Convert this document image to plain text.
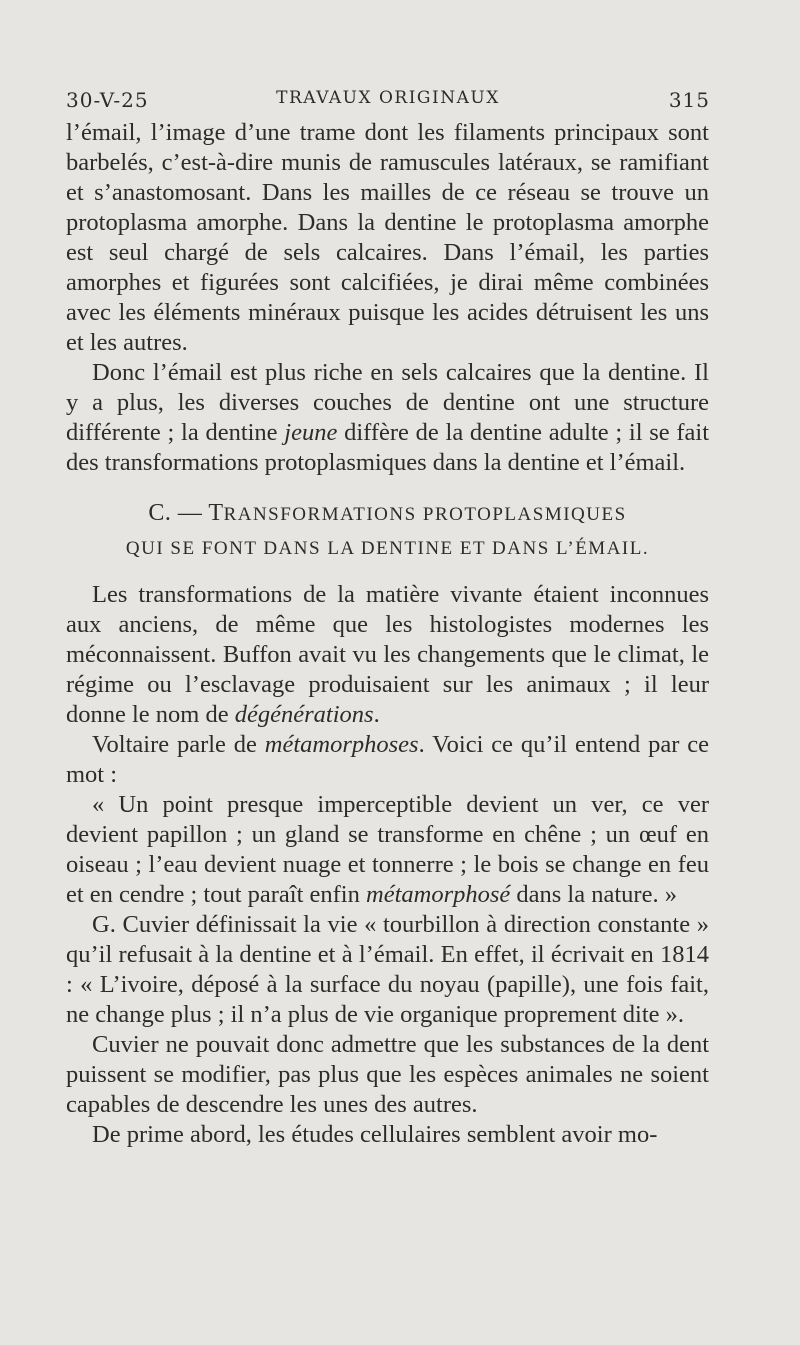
30-V-25	TRAVAUX ORIGINAUX	315

l’émail, l’image d’une trame dont les filaments principaux sont barbelés, c’est-à-dire munis de ramuscules latéraux, se ramifiant et s’anastomosant. Dans les mailles de ce réseau se trouve un protoplasma amorphe. Dans la dentine le protoplasma amorphe est seul chargé de sels calcaires. Dans l’émail, les parties amorphes et figurées sont calcifiées, je dirai même combinées avec les éléments minéraux puisque les acides détruisent les uns et les autres.

Donc l’émail est plus riche en sels calcaires que la dentine. Il y a plus, les diverses couches de dentine ont une structure différente ; la dentine jeune diffère de la dentine adulte ; il se fait des transformations protoplasmiques dans la dentine et l’émail.

C. — TRANSFORMATIONS PROTOPLASMIQUES
QUI SE FONT DANS LA DENTINE ET DANS L’ÉMAIL.

Les transformations de la matière vivante étaient inconnues aux anciens, de même que les histologistes modernes les méconnaissent. Buffon avait vu les changements que le climat, le régime ou l’esclavage produisaient sur les animaux ; il leur donne le nom de dégénérations.

Voltaire parle de métamorphoses. Voici ce qu’il entend par ce mot :

« Un point presque imperceptible devient un ver, ce ver devient papillon ; un gland se transforme en chêne ; un œuf en oiseau ; l’eau devient nuage et tonnerre ; le bois se change en feu et en cendre ; tout paraît enfin métamorphosé dans la nature. »

G. Cuvier définissait la vie « tourbillon à direction constante » qu’il refusait à la dentine et à l’émail. En effet, il écrivait en 1814 : « L’ivoire, déposé à la surface du noyau (papille), une fois fait, ne change plus ; il n’a plus de vie organique proprement dite ».

Cuvier ne pouvait donc admettre que les substances de la dent puissent se modifier, pas plus que les espèces animales ne soient capables de descendre les unes des autres.

De prime abord, les études cellulaires semblent avoir mo-
